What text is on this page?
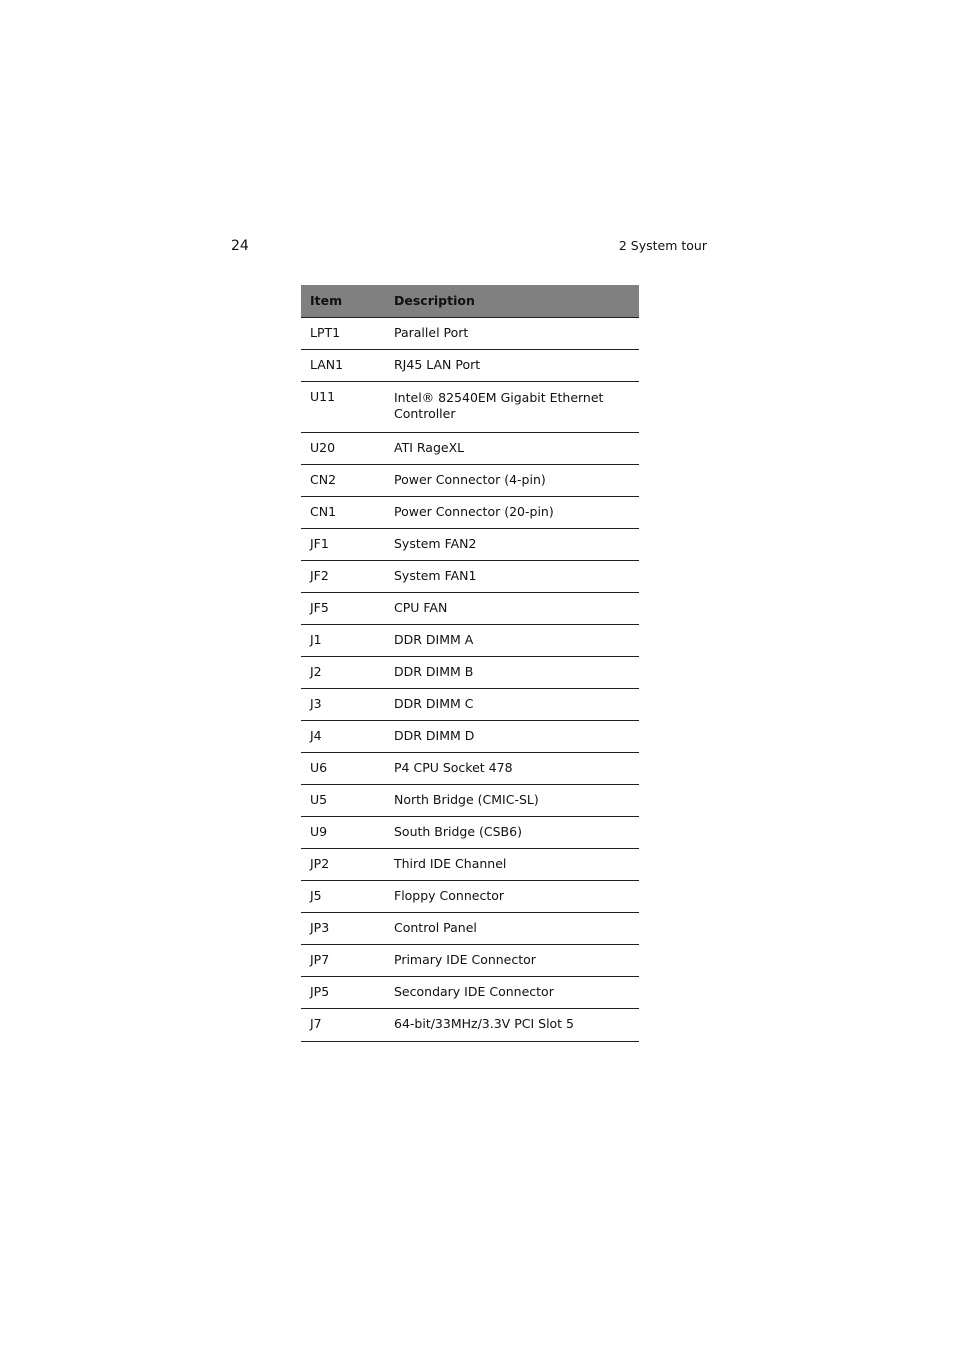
24	2 System tour
Item	Description
LPT1	Parallel Port
LAN1	RJ45 LAN Port
U11	Intel® 82540EM Gigabit Ethernet Controller
U20	ATI RageXL
CN2	Power Connector (4-pin)
CN1	Power Connector (20-pin)
JF1	System FAN2
JF2	System FAN1
JF5	CPU FAN
J1	DDR DIMM A
J2	DDR DIMM B
J3	DDR DIMM C
J4	DDR DIMM D
U6	P4 CPU Socket 478
U5	North Bridge (CMIC-SL)
U9	South Bridge (CSB6)
JP2	Third IDE Channel
J5	Floppy Connector
JP3	Control Panel
JP7	Primary IDE Connector
JP5	Secondary IDE Connector
J7	64-bit/33MHz/3.3V PCI Slot 5
